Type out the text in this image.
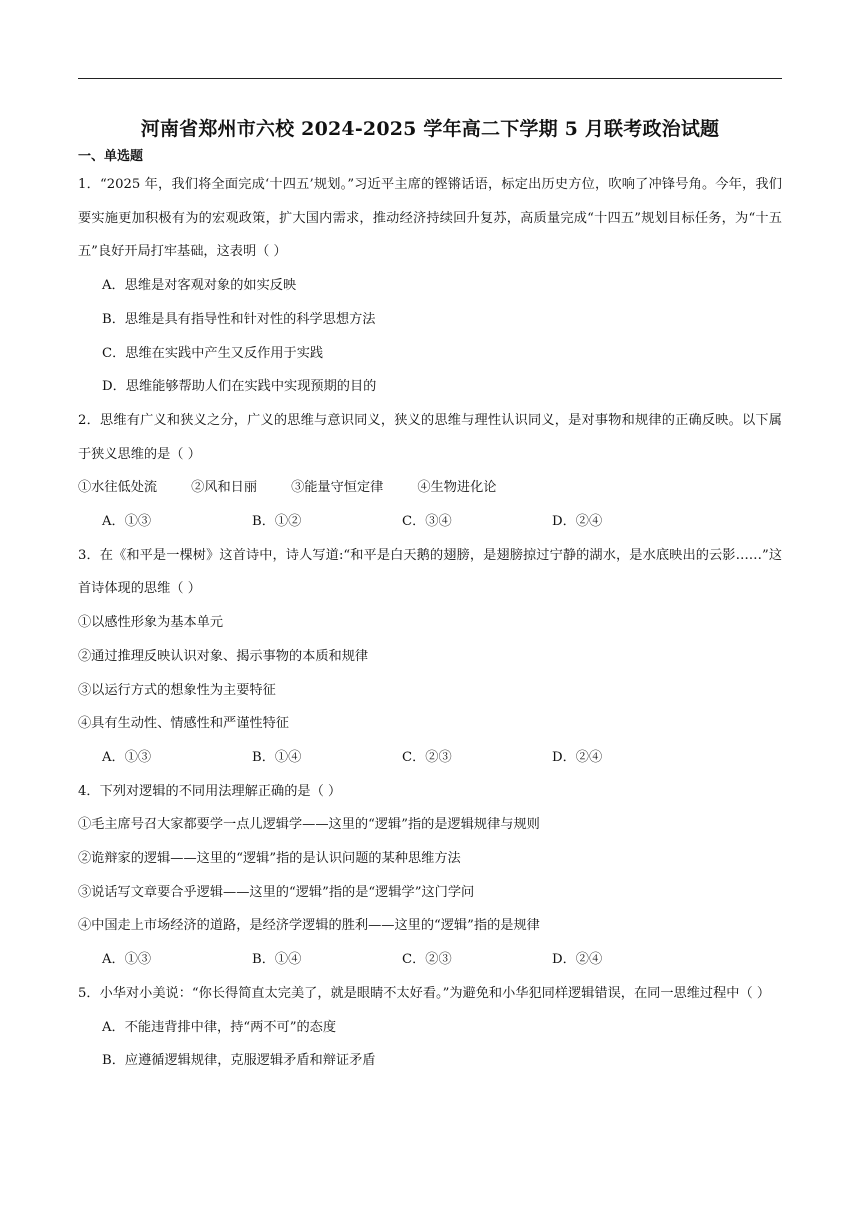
河南省郑州市六校 2024-2025 学年高二下学期 5 月联考政治试题

一、单选题

1．“2025 年，我们将全面完成‘十四五’规划。”习近平主席的铿锵话语，标定出历史方位，吹响了冲锋号角。今年，我们要实施更加积极有为的宏观政策，扩大国内需求，推动经济持续回升复苏，高质量完成“十四五”规划目标任务，为“十五五”良好开局打牢基础，这表明（ ）

A．思维是对客观对象的如实反映

B．思维是具有指导性和针对性的科学思想方法

C．思维在实践中产生又反作用于实践

D．思维能够帮助人们在实践中实现预期的目的

2．思维有广义和狭义之分，广义的思维与意识同义，狭义的思维与理性认识同义，是对事物和规律的正确反映。以下属于狭义思维的是（ ）

①水往低处流	②风和日丽	③能量守恒定律	④生物进化论

A．①③	B．①②	C．③④	D．②④

3．在《和平是一棵树》这首诗中，诗人写道:“和平是白天鹅的翅膀，是翅膀掠过宁静的湖水，是水底映出的云影……”这首诗体现的思维（ ）

①以感性形象为基本单元

②通过推理反映认识对象、揭示事物的本质和规律

③以运行方式的想象性为主要特征

④具有生动性、情感性和严谨性特征

A．①③	B．①④	C．②③	D．②④

4．下列对逻辑的不同用法理解正确的是（ ）

①毛主席号召大家都要学一点儿逻辑学——这里的“逻辑”指的是逻辑规律与规则

②诡辩家的逻辑——这里的“逻辑”指的是认识问题的某种思维方法

③说话写文章要合乎逻辑——这里的“逻辑”指的是“逻辑学”这门学问

④中国走上市场经济的道路，是经济学逻辑的胜利——这里的“逻辑”指的是规律

A．①③	B．①④	C．②③	D．②④

5．小华对小美说：“你长得简直太完美了，就是眼睛不太好看。”为避免和小华犯同样逻辑错误，在同一思维过程中（ ）

A．不能违背排中律，持“两不可”的态度

B．应遵循逻辑规律，克服逻辑矛盾和辩证矛盾
